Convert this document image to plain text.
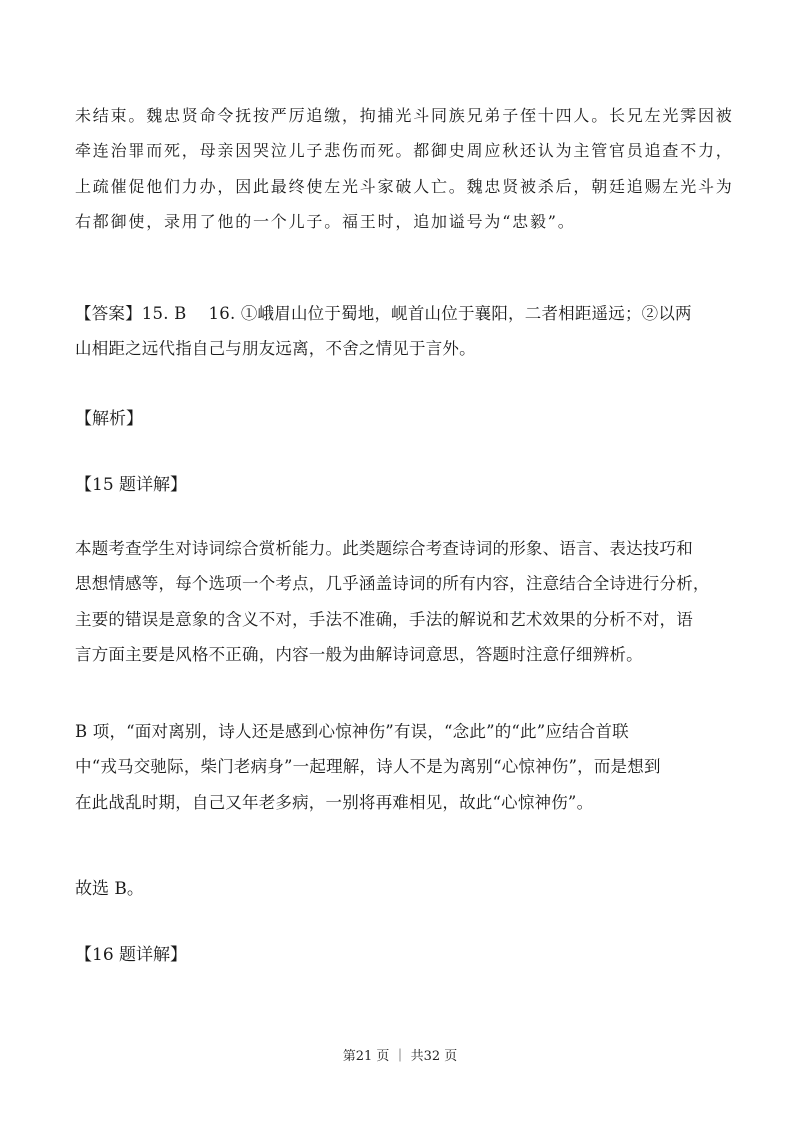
未结束。魏忠贤命令抚按严厉追缴，拘捕光斗同族兄弟子侄十四人。长兄左光霁因被
牵连治罪而死，母亲因哭泣儿子悲伤而死。都御史周应秋还认为主管官员追查不力，
上疏催促他们力办，因此最终使左光斗家破人亡。魏忠贤被杀后，朝廷追赐左光斗为
右都御使，录用了他的一个儿子。福王时，追加谥号为“忠毅”。
【答案】15. B　 16. ①峨眉山位于蜀地，岘首山位于襄阳，二者相距遥远；②以两
山相距之远代指自己与朋友远离，不舍之情见于言外。
【解析】
【15 题详解】
本题考查学生对诗词综合赏析能力。此类题综合考查诗词的形象、语言、表达技巧和
思想情感等，每个选项一个考点，几乎涵盖诗词的所有内容，注意结合全诗进行分析，
主要的错误是意象的含义不对，手法不准确，手法的解说和艺术效果的分析不对，语
言方面主要是风格不正确，内容一般为曲解诗词意思，答题时注意仔细辨析。
B 项，“面对离别，诗人还是感到心惊神伤”有误，“念此”的“此”应结合首联
中“戎马交驰际，柴门老病身”一起理解，诗人不是为离别“心惊神伤”，而是想到
在此战乱时期，自己又年老多病，一别将再难相见，故此“心惊神伤”。
故选 B。
【16 题详解】
第21 页 ｜ 共32 页
